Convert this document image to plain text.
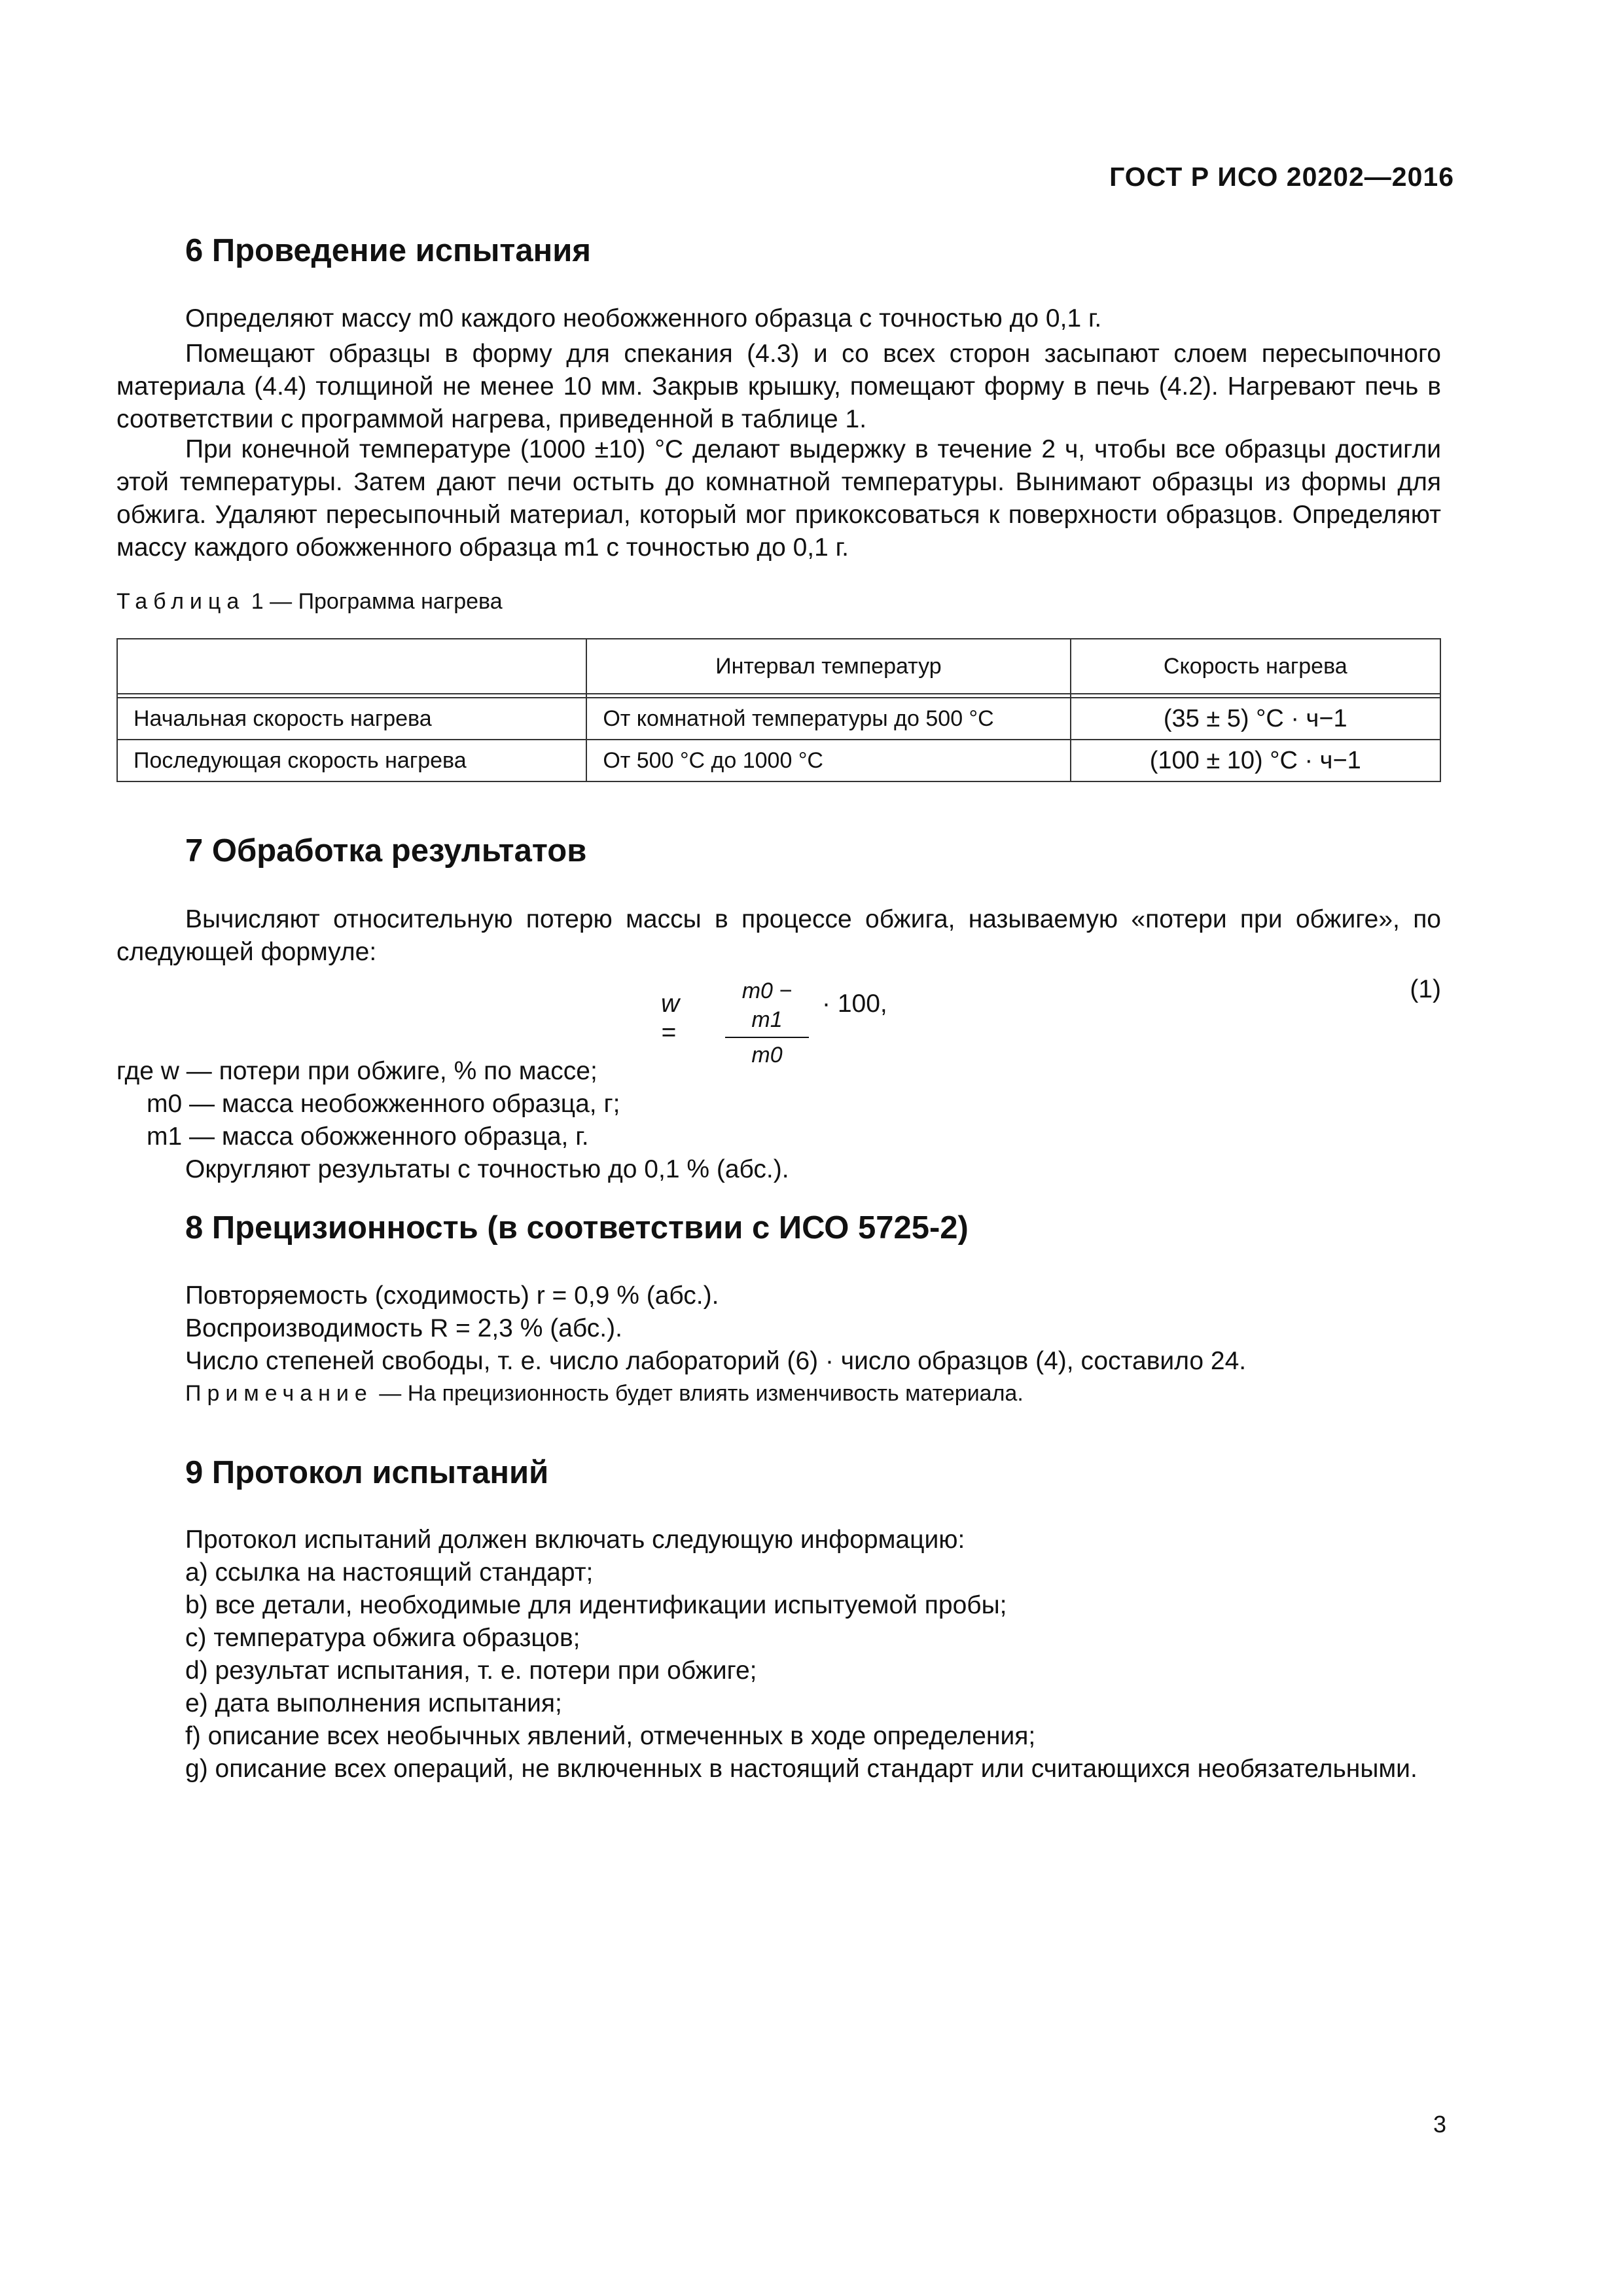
ГОСТ Р ИСО 20202—2016
6 Проведение испытания

Определяют массу m0 каждого необожженного образца с точностью до 0,1 г.

Помещают образцы в форму для спекания (4.3) и со всех сторон засыпают слоем пересыпочного материала (4.4) толщиной не менее 10 мм. Закрыв крышку, помещают форму в печь (4.2). Нагревают печь в соответствии с программой нагрева, приведенной в таблице 1.

При конечной температуре (1000 ±10) °С делают выдержку в течение 2 ч, чтобы все образцы достигли этой температуры. Затем дают печи остыть до комнатной температуры. Вынимают образцы из формы для обжига. Удаляют пересыпочный материал, который мог прикоксоваться к поверхности образцов. Определяют массу каждого обожженного образца m1 с точностью до 0,1 г.

Таблица 1 — Программа нагрева
	Интервал температур	Скорость нагрева

Начальная скорость нагрева	От комнатной температуры до 500 °С	(35 ± 5) °С · ч−1
Последующая скорость нагрева	От 500 °С до 1000 °С	(100 ± 10) °С · ч−1
7 Обработка результатов

Вычисляют относительную потерю массы в процессе обжига, называемую «потери при обжиге», по следующей формуле:

w =
m0 − m1
m0
· 100,
(1)
где w — потери при обжиге, % по массе;
m0 — масса необожженного образца, г;
m1 — масса обожженного образца, г.
Округляют результаты с точностью до 0,1 % (абс.).
8 Прецизионность (в соответствии с ИСО 5725-2)
Повторяемость (сходимость) r = 0,9 % (абс.).
Воспроизводимость R = 2,3 % (абс.).
Число степеней свободы, т. е. число лабораторий (6) · число образцов (4), составило 24.
Примечание — На прецизионность будет влиять изменчивость материала.
9 Протокол испытаний
Протокол испытаний должен включать следующую информацию:
a) ссылка на настоящий стандарт;
b) все детали, необходимые для идентификации испытуемой пробы;
c) температура обжига образцов;
d) результат испытания, т. е. потери при обжиге;
e) дата выполнения испытания;
f) описание всех необычных явлений, отмеченных в ходе определения;

g) описание всех операций, не включенных в настоящий стандарт или считающихся необязательными.

3
